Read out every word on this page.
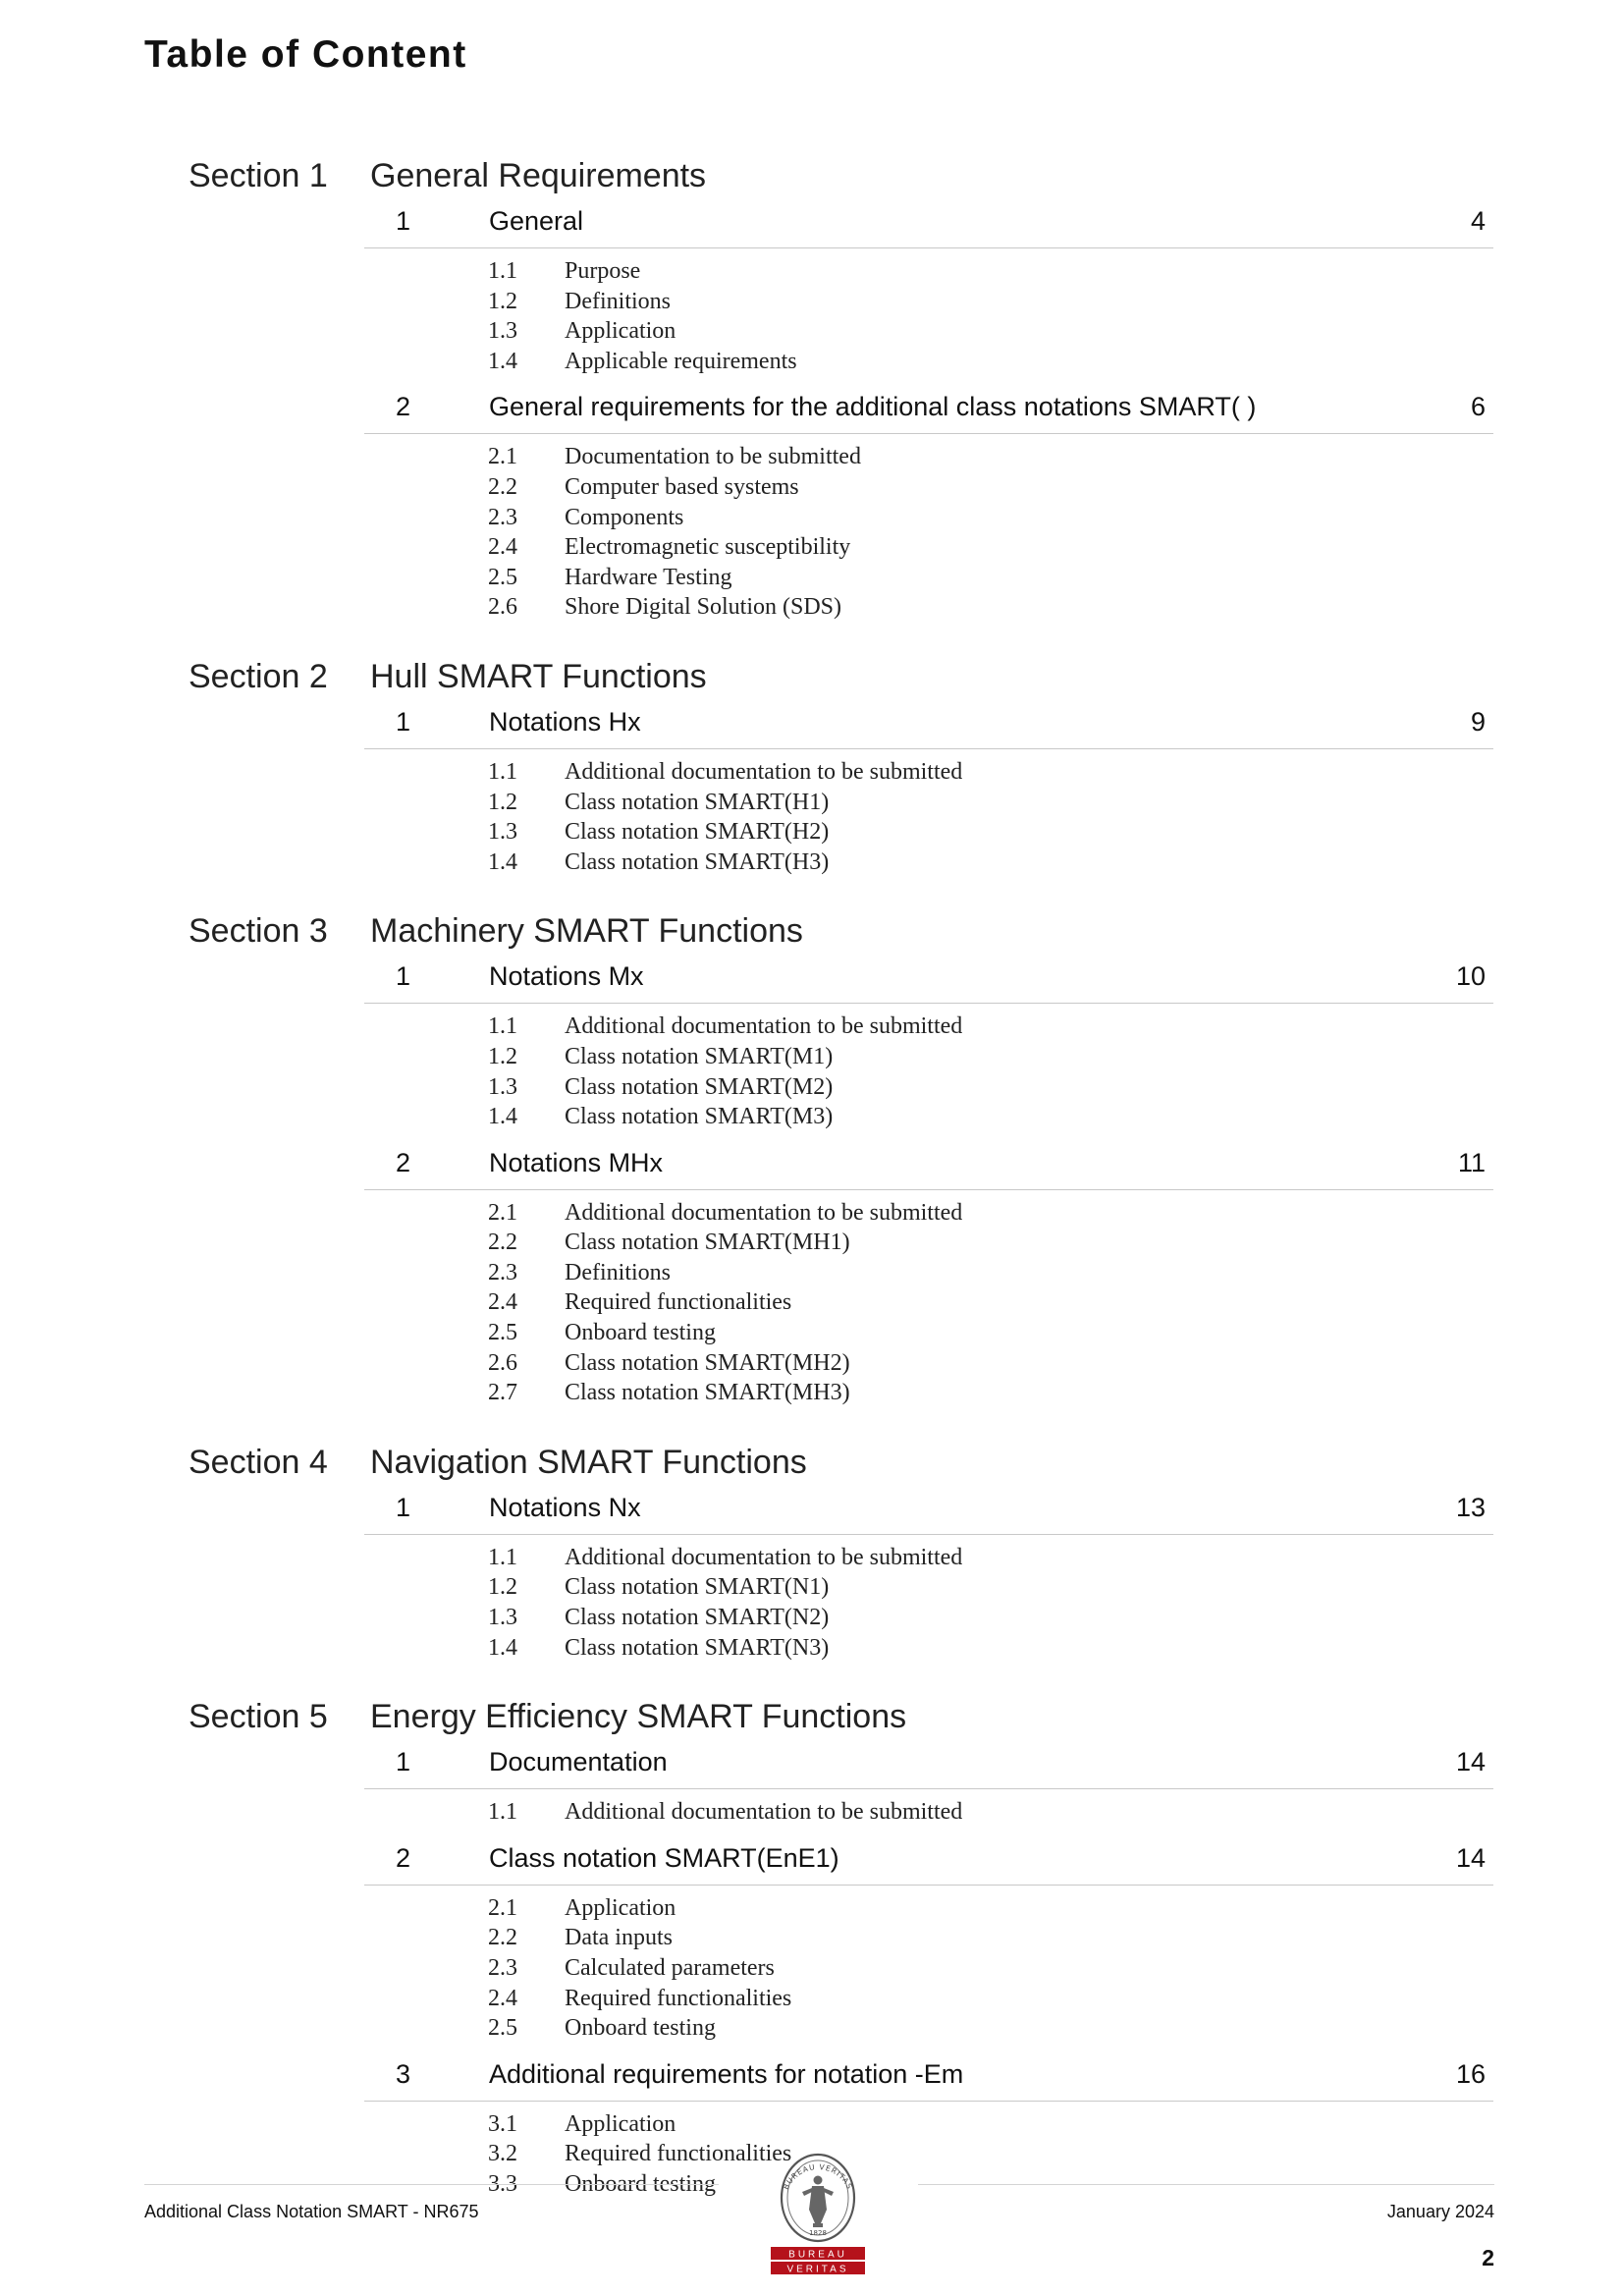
Table of Content
Section 1 General Requirements
1	General	4
1.1 Purpose
1.2 Definitions
1.3 Application
1.4 Applicable requirements
2	General requirements for the additional class notations SMART( )	6
2.1 Documentation to be submitted
2.2 Computer based systems
2.3 Components
2.4 Electromagnetic susceptibility
2.5 Hardware Testing
2.6 Shore Digital Solution (SDS)
Section 2 Hull SMART Functions
1	Notations Hx	9
1.1 Additional documentation to be submitted
1.2 Class notation SMART(H1)
1.3 Class notation SMART(H2)
1.4 Class notation SMART(H3)
Section 3 Machinery SMART Functions
1	Notations Mx	10
1.1 Additional documentation to be submitted
1.2 Class notation SMART(M1)
1.3 Class notation SMART(M2)
1.4 Class notation SMART(M3)
2	Notations MHx	11
2.1 Additional documentation to be submitted
2.2 Class notation SMART(MH1)
2.3 Definitions
2.4 Required functionalities
2.5 Onboard testing
2.6 Class notation SMART(MH2)
2.7 Class notation SMART(MH3)
Section 4 Navigation SMART Functions
1	Notations Nx	13
1.1 Additional documentation to be submitted
1.2 Class notation SMART(N1)
1.3 Class notation SMART(N2)
1.4 Class notation SMART(N3)
Section 5 Energy Efficiency SMART Functions
1	Documentation	14
1.1 Additional documentation to be submitted
2	Class notation SMART(EnE1)	14
2.1 Application
2.2 Data inputs
2.3 Calculated parameters
2.4 Required functionalities
2.5 Onboard testing
3	Additional requirements for notation -Em	16
3.1 Application
3.2 Required functionalities
3.3 Onboard testing
Additional Class Notation SMART - NR675	January 2024
2
BUREAU VERITAS
1828
BUREAU
VERITAS
